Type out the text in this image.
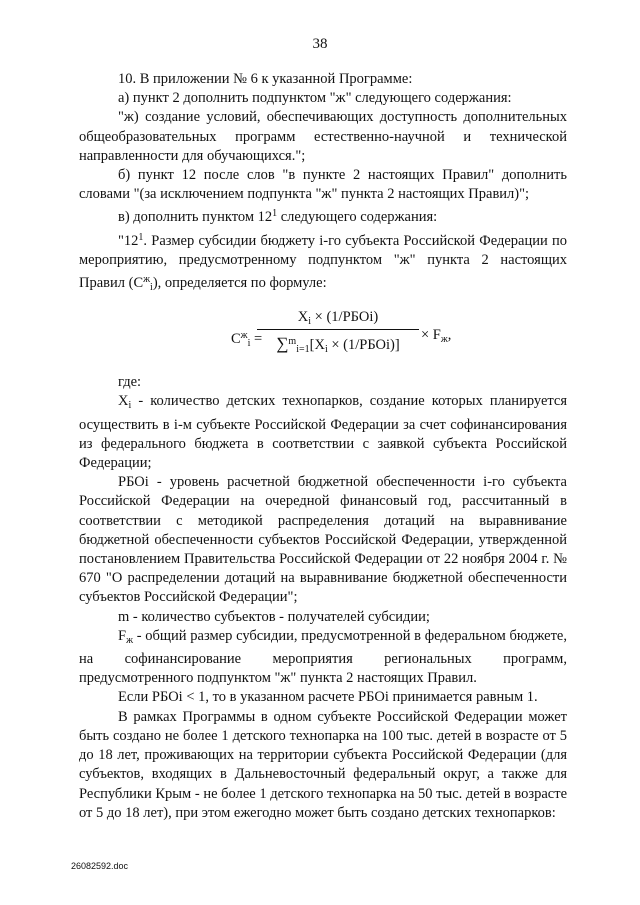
38

10. В приложении № 6 к указанной Программе:

а) пункт 2 дополнить подпунктом "ж" следующего содержания:

"ж) создание условий, обеспечивающих доступность дополнительных общеобразовательных программ естественно-научной и технической направленности для обучающихся.";

б) пункт 12 после слов "в пункте 2 настоящих Правил" дополнить словами "(за исключением подпункта "ж" пункта 2 настоящих Правил)";

в) дополнить пунктом $12^1$ следующего содержания:

"$12^1$. Размер субсидии бюджету i-го субъекта Российской Федерации по мероприятию, предусмотренному подпунктом "ж" пункта 2 настоящих Правил $(C^ж_i)$, определяется по формуле:

$C^ж_i$ =
$X_i$ × (1/РБОi)
$\sum^m_{i=1}[X_i$ × (1/РБОi)]
× $F_ж$,

где:

$X_i$ - количество детских технопарков, создание которых планируется осуществить в i-м субъекте Российской Федерации за счет софинансирования из федерального бюджета в соответствии с заявкой субъекта Российской Федерации;

РБОi - уровень расчетной бюджетной обеспеченности i-го субъекта Российской Федерации на очередной финансовый год, рассчитанный в соответствии с методикой распределения дотаций на выравнивание бюджетной обеспеченности субъектов Российской Федерации, утвержденной постановлением Правительства Российской Федерации от 22 ноября 2004 г. № 670 "О распределении дотаций на выравнивание бюджетной обеспеченности субъектов Российской Федерации";

m - количество субъектов - получателей субсидии;

$F_ж$ - общий размер субсидии, предусмотренной в федеральном бюджете, на софинансирование мероприятия региональных программ, предусмотренного подпунктом "ж" пункта 2 настоящих Правил.

Если РБОi < 1, то в указанном расчете РБОi принимается равным 1.

В рамках Программы в одном субъекте Российской Федерации может быть создано не более 1 детского технопарка на 100 тыс. детей в возрасте от 5 до 18 лет, проживающих на территории субъекта Российской Федерации (для субъектов, входящих в Дальневосточный федеральный округ, а также для Республики Крым - не более 1 детского технопарка на 50 тыс. детей в возрасте от 5 до 18 лет), при этом ежегодно может быть создано детских технопарков:

26082592.doc
